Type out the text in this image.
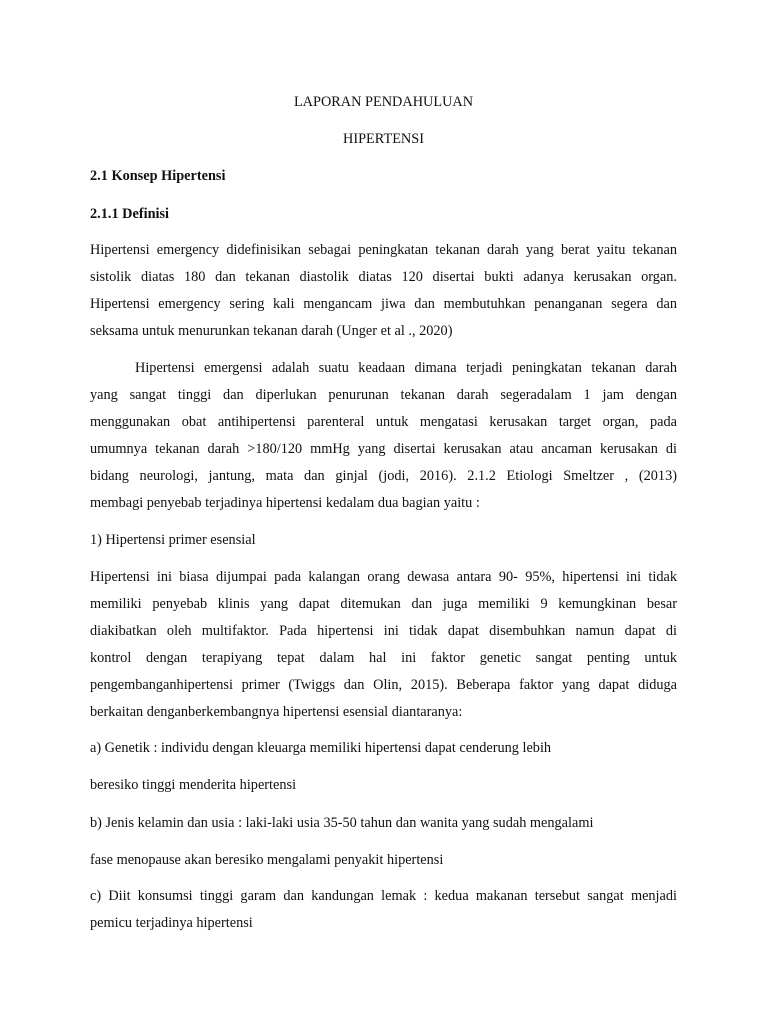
LAPORAN PENDAHULUAN

HIPERTENSI

2.1 Konsep Hipertensi

2.1.1 Definisi

Hipertensi emergency didefinisikan sebagai peningkatan tekanan darah yang berat yaitu tekanan

sistolik diatas 180 dan tekanan diastolik diatas 120 disertai bukti adanya kerusakan organ.

Hipertensi emergency sering kali mengancam jiwa dan membutuhkan penanganan segera dan

seksama untuk menurunkan tekanan darah (Unger et al ., 2020)

Hipertensi emergensi adalah suatu keadaan dimana terjadi peningkatan tekanan darah

yang sangat tinggi dan diperlukan penurunan tekanan darah segeradalam 1 jam dengan

menggunakan obat antihipertensi parenteral untuk mengatasi kerusakan target organ, pada

umumnya tekanan darah >180/120 mmHg yang disertai kerusakan atau ancaman kerusakan di

bidang neurologi, jantung, mata dan ginjal (jodi, 2016). 2.1.2 Etiologi Smeltzer , (2013)

membagi penyebab terjadinya hipertensi kedalam dua bagian yaitu :

1) Hipertensi primer esensial

Hipertensi ini biasa dijumpai pada kalangan orang dewasa antara 90- 95%, hipertensi ini tidak

memiliki penyebab klinis yang dapat ditemukan dan juga memiliki 9 kemungkinan besar

diakibatkan oleh multifaktor. Pada hipertensi ini tidak dapat disembuhkan namun dapat di

kontrol dengan terapiyang tepat dalam hal ini faktor genetic sangat penting untuk

pengembanganhipertensi primer (Twiggs dan Olin, 2015). Beberapa faktor yang dapat diduga

berkaitan denganberkembangnya hipertensi esensial diantaranya:

a) Genetik : individu dengan kleuarga memiliki hipertensi dapat cenderung lebih

beresiko tinggi menderita hipertensi

b) Jenis kelamin dan usia : laki-laki usia 35-50 tahun dan wanita yang sudah mengalami

fase menopause akan beresiko mengalami penyakit hipertensi

c) Diit konsumsi tinggi garam dan kandungan lemak : kedua makanan tersebut sangat menjadi

pemicu terjadinya hipertensi
